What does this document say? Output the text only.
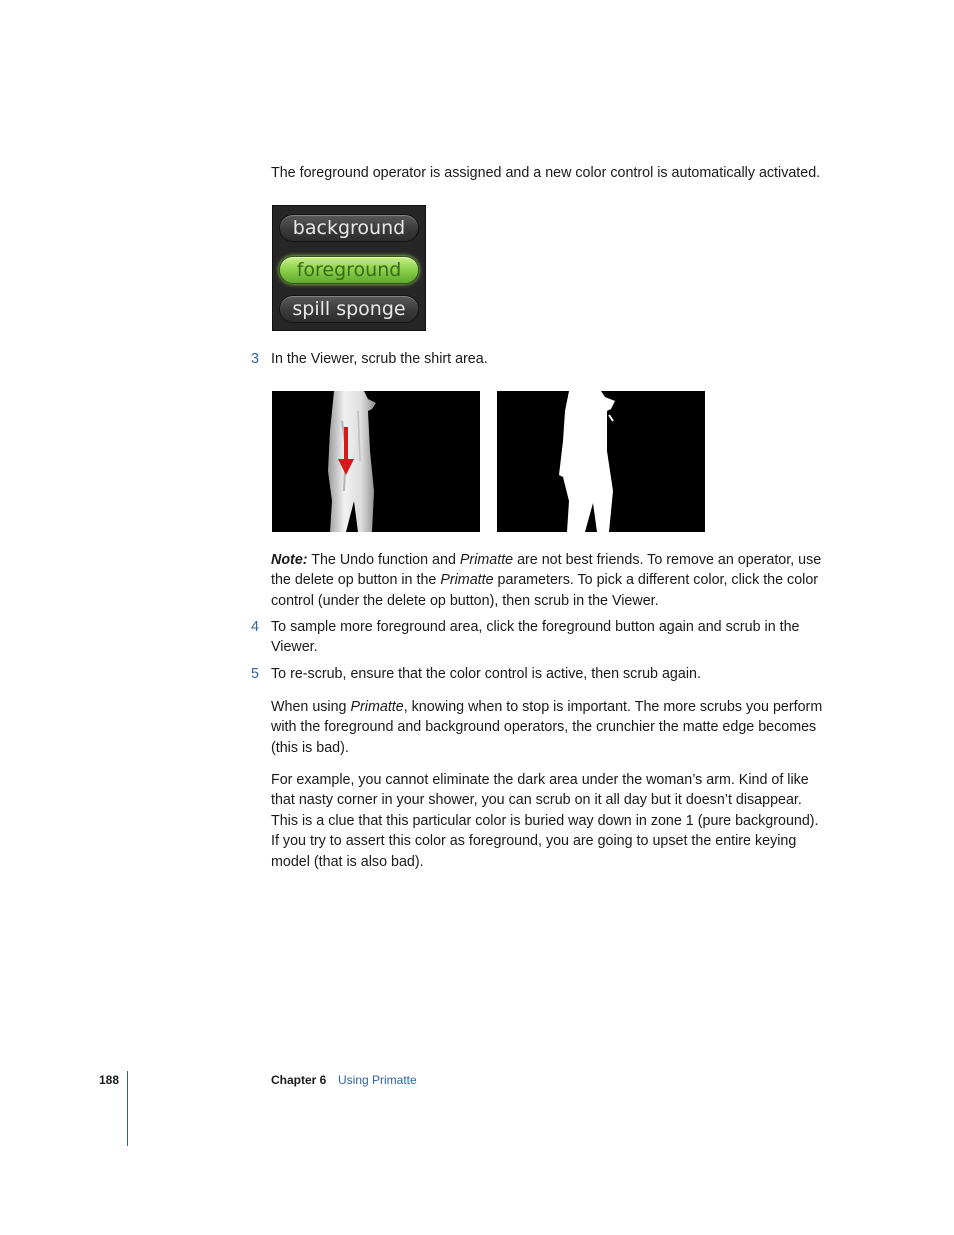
The foreground operator is assigned and a new color control is automatically activated.

background
foreground
spill sponge
3 In the Viewer, scrub the shirt area.

Note: The Undo function and Primatte are not best friends. To remove an operator, use the delete op button in the Primatte parameters. To pick a different color, click the color control (under the delete op button), then scrub in the Viewer.

4 To sample more foreground area, click the foreground button again and scrub in the Viewer.

5 To re-scrub, ensure that the color control is active, then scrub again.

When using Primatte, knowing when to stop is important. The more scrubs you perform with the foreground and background operators, the crunchier the matte edge becomes (this is bad).

For example, you cannot eliminate the dark area under the woman’s arm. Kind of like that nasty corner in your shower, you can scrub on it all day but it doesn’t disappear. This is a clue that this particular color is buried way down in zone 1 (pure background). If you try to assert this color as foreground, you are going to upset the entire keying model (that is also bad).

188	Chapter 6 Using Primatte
